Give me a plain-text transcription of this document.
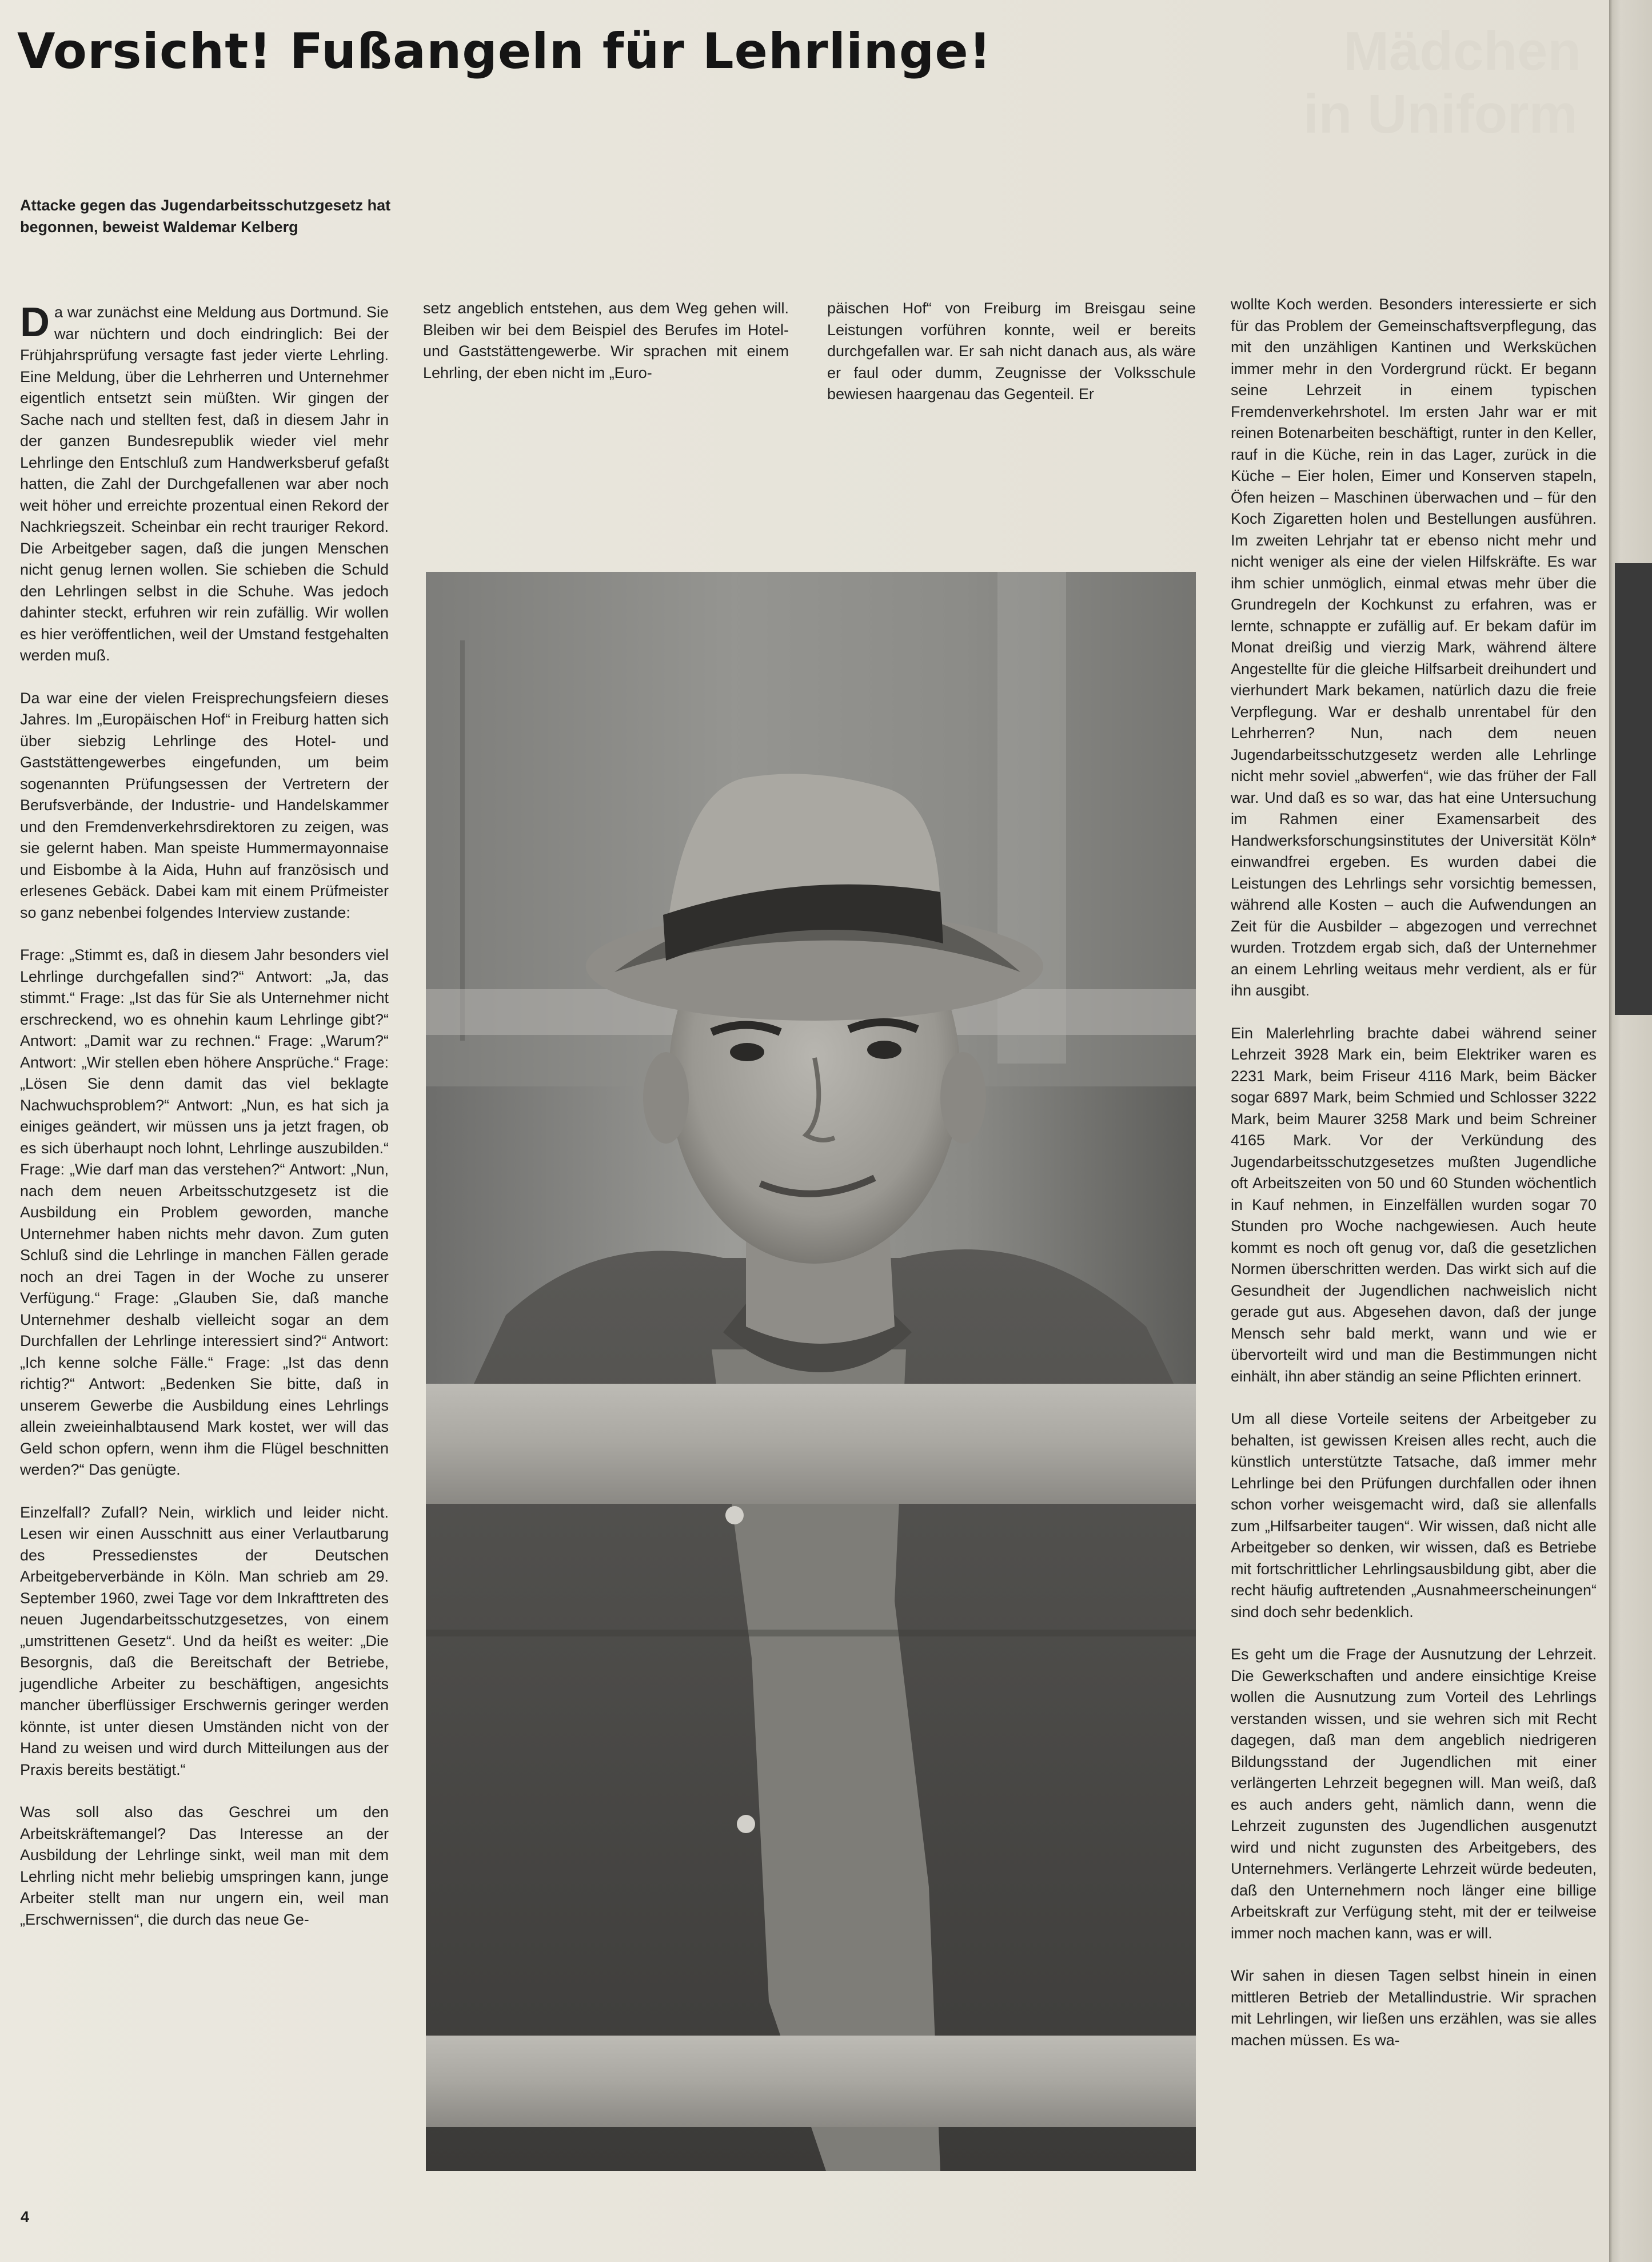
Mädchen
in Uniform
Vorsicht! Fußangeln für Lehrlinge!

Attacke gegen das Jugendarbeitsschutzgesetz hat begonnen, beweist Waldemar Kelberg

Da war zunächst eine Meldung aus Dortmund. Sie war nüchtern und doch eindringlich: Bei der Frühjahrsprüfung versagte fast jeder vierte Lehrling. Eine Meldung, über die Lehrherren und Unternehmer eigentlich entsetzt sein müßten. Wir gingen der Sache nach und stellten fest, daß in diesem Jahr in der ganzen Bundesrepublik wieder viel mehr Lehrlinge den Entschluß zum Handwerksberuf gefaßt hatten, die Zahl der Durchgefallenen war aber noch weit höher und erreichte prozentual einen Rekord der Nachkriegszeit. Scheinbar ein recht trauriger Rekord. Die Arbeitgeber sagen, daß die jungen Menschen nicht genug lernen wollen. Sie schieben die Schuld den Lehrlingen selbst in die Schuhe. Was jedoch dahinter steckt, erfuhren wir rein zufällig. Wir wollen es hier veröffentlichen, weil der Umstand festgehalten werden muß.

Da war eine der vielen Freisprechungsfeiern dieses Jahres. Im „Europäischen Hof“ in Freiburg hatten sich über siebzig Lehrlinge des Hotel- und Gaststättengewerbes eingefunden, um beim sogenannten Prüfungsessen der Vertretern der Berufsverbände, der Industrie- und Handelskammer und den Fremdenverkehrsdirektoren zu zeigen, was sie gelernt haben. Man speiste Hummermayonnaise und Eisbombe à la Aida, Huhn auf französisch und erlesenes Gebäck. Dabei kam mit einem Prüfmeister so ganz nebenbei folgendes Interview zustande:

Frage: „Stimmt es, daß in diesem Jahr besonders viel Lehrlinge durchgefallen sind?“ Antwort: „Ja, das stimmt.“ Frage: „Ist das für Sie als Unternehmer nicht erschreckend, wo es ohnehin kaum Lehrlinge gibt?“ Antwort: „Damit war zu rechnen.“ Frage: „Warum?“ Antwort: „Wir stellen eben höhere Ansprüche.“ Frage: „Lösen Sie denn damit das viel beklagte Nachwuchsproblem?“ Antwort: „Nun, es hat sich ja einiges geändert, wir müssen uns ja jetzt fragen, ob es sich überhaupt noch lohnt, Lehrlinge auszubilden.“ Frage: „Wie darf man das verstehen?“ Antwort: „Nun, nach dem neuen Arbeitsschutzgesetz ist die Ausbildung ein Problem geworden, manche Unternehmer haben nichts mehr davon. Zum guten Schluß sind die Lehrlinge in manchen Fällen gerade noch an drei Tagen in der Woche zu unserer Verfügung.“ Frage: „Glauben Sie, daß manche Unternehmer deshalb vielleicht sogar an dem Durchfallen der Lehrlinge interessiert sind?“ Antwort: „Ich kenne solche Fälle.“ Frage: „Ist das denn richtig?“ Antwort: „Bedenken Sie bitte, daß in unserem Gewerbe die Ausbildung eines Lehrlings allein zweieinhalbtausend Mark kostet, wer will das Geld schon opfern, wenn ihm die Flügel beschnitten werden?“ Das genügte.

Einzelfall? Zufall? Nein, wirklich und leider nicht. Lesen wir einen Ausschnitt aus einer Verlautbarung des Pressedienstes der Deutschen Arbeitgeberverbände in Köln. Man schrieb am 29. September 1960, zwei Tage vor dem Inkrafttreten des neuen Jugendarbeitsschutzgesetzes, von einem „umstrittenen Gesetz“. Und da heißt es weiter: „Die Besorgnis, daß die Bereitschaft der Betriebe, jugendliche Arbeiter zu beschäftigen, angesichts mancher überflüssiger Erschwernis geringer werden könnte, ist unter diesen Umständen nicht von der Hand zu weisen und wird durch Mitteilungen aus der Praxis bereits bestätigt.“

Was soll also das Geschrei um den Arbeitskräftemangel? Das Interesse an der Ausbildung der Lehrlinge sinkt, weil man mit dem Lehrling nicht mehr beliebig umspringen kann, junge Arbeiter stellt man nur ungern ein, weil man „Erschwernissen“, die durch das neue Ge-

setz angeblich entstehen, aus dem Weg gehen will. Bleiben wir bei dem Beispiel des Berufes im Hotel- und Gaststättengewerbe. Wir sprachen mit einem Lehrling, der eben nicht im „Euro-

päischen Hof“ von Freiburg im Breisgau seine Leistungen vorführen konnte, weil er bereits durchgefallen war. Er sah nicht danach aus, als wäre er faul oder dumm, Zeugnisse der Volksschule bewiesen haargenau das Gegenteil. Er

wollte Koch werden. Besonders interessierte er sich für das Problem der Gemeinschaftsverpflegung, das mit den unzähligen Kantinen und Werksküchen immer mehr in den Vordergrund rückt. Er begann seine Lehrzeit in einem typischen Fremdenverkehrshotel. Im ersten Jahr war er mit reinen Botenarbeiten beschäftigt, runter in den Keller, rauf in die Küche, rein in das Lager, zurück in die Küche – Eier holen, Eimer und Konserven stapeln, Öfen heizen – Maschinen überwachen und – für den Koch Zigaretten holen und Bestellungen ausführen. Im zweiten Lehrjahr tat er ebenso nicht mehr und nicht weniger als eine der vielen Hilfskräfte. Es war ihm schier unmöglich, einmal etwas mehr über die Grundregeln der Kochkunst zu erfahren, was er lernte, schnappte er zufällig auf. Er bekam dafür im Monat dreißig und vierzig Mark, während ältere Angestellte für die gleiche Hilfsarbeit dreihundert und vierhundert Mark bekamen, natürlich dazu die freie Verpflegung. War er deshalb unrentabel für den Lehrherren? Nun, nach dem neuen Jugendarbeitsschutzgesetz werden alle Lehrlinge nicht mehr soviel „abwerfen“, wie das früher der Fall war. Und daß es so war, das hat eine Untersuchung im Rahmen einer Examensarbeit des Handwerksforschungsinstitutes der Universität Köln* einwandfrei ergeben. Es wurden dabei die Leistungen des Lehrlings sehr vorsichtig bemessen, während alle Kosten – auch die Aufwendungen an Zeit für die Ausbilder – abgezogen und verrechnet wurden. Trotzdem ergab sich, daß der Unternehmer an einem Lehrling weitaus mehr verdient, als er für ihn ausgibt.

Ein Malerlehrling brachte dabei während seiner Lehrzeit 3928 Mark ein, beim Elektriker waren es 2231 Mark, beim Friseur 4116 Mark, beim Bäcker sogar 6897 Mark, beim Schmied und Schlosser 3222 Mark, beim Maurer 3258 Mark und beim Schreiner 4165 Mark. Vor der Verkündung des Jugendarbeitsschutzgesetzes mußten Jugendliche oft Arbeitszeiten von 50 und 60 Stunden wöchentlich in Kauf nehmen, in Einzelfällen wurden sogar 70 Stunden pro Woche nachgewiesen. Auch heute kommt es noch oft genug vor, daß die gesetzlichen Normen überschritten werden. Das wirkt sich auf die Gesundheit der Jugendlichen nachweislich nicht gerade gut aus. Abgesehen davon, daß der junge Mensch sehr bald merkt, wann und wie er übervorteilt wird und man die Bestimmungen nicht einhält, ihn aber ständig an seine Pflichten erinnert.

Um all diese Vorteile seitens der Arbeitgeber zu behalten, ist gewissen Kreisen alles recht, auch die künstlich unterstützte Tatsache, daß immer mehr Lehrlinge bei den Prüfungen durchfallen oder ihnen schon vorher weisgemacht wird, daß sie allenfalls zum „Hilfsarbeiter taugen“. Wir wissen, daß nicht alle Arbeitgeber so denken, wir wissen, daß es Betriebe mit fortschrittlicher Lehrlingsausbildung gibt, aber die recht häufig auftretenden „Ausnahmeerscheinungen“ sind doch sehr bedenklich.

Es geht um die Frage der Ausnutzung der Lehrzeit. Die Gewerkschaften und andere einsichtige Kreise wollen die Ausnutzung zum Vorteil des Lehrlings verstanden wissen, und sie wehren sich mit Recht dagegen, daß man dem angeblich niedrigeren Bildungsstand der Jugendlichen mit einer verlängerten Lehrzeit begegnen will. Man weiß, daß es auch anders geht, nämlich dann, wenn die Lehrzeit zugunsten des Jugendlichen ausgenutzt wird und nicht zugunsten des Arbeitgebers, des Unternehmers. Verlängerte Lehrzeit würde bedeuten, daß den Unternehmern noch länger eine billige Arbeitskraft zur Verfügung steht, mit der er teilweise immer noch machen kann, was er will.

Wir sahen in diesen Tagen selbst hinein in einen mittleren Betrieb der Metallindustrie. Wir sprachen mit Lehrlingen, wir ließen uns erzählen, was sie alles machen müssen. Es wa-

4
